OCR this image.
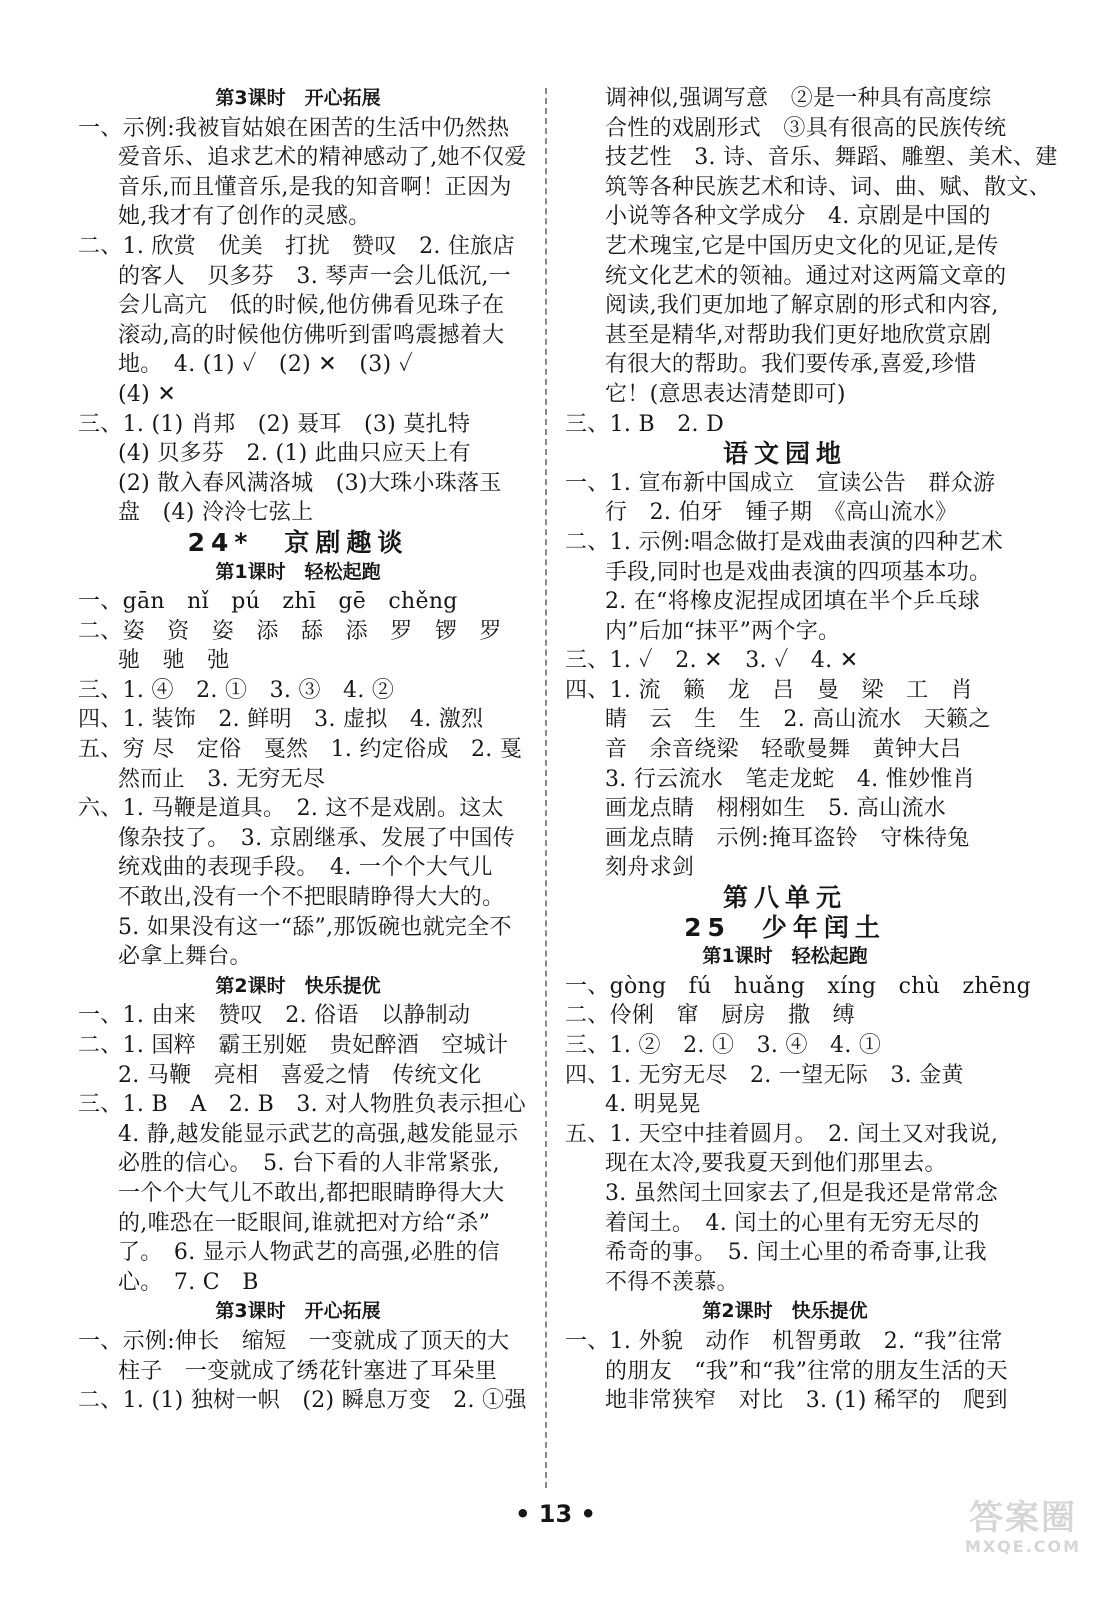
第3课时　开心拓展
一、示例:我被盲姑娘在困苦的生活中仍然热
爱音乐、追求艺术的精神感动了,她不仅爱
音乐,而且懂音乐,是我的知音啊！正因为
她,我才有了创作的灵感。
二、1. 欣赏　优美　打扰　赞叹　2. 住旅店
的客人　贝多芬　3. 琴声一会儿低沉,一
会儿高亢　低的时候,他仿佛看见珠子在
滚动,高的时候他仿佛听到雷鸣震撼着大
地。　4. (1) ✓　(2) ✕　(3) ✓
(4) ✕
三、1. (1) 肖邦　(2) 聂耳　(3) 莫扎特
(4) 贝多芬　2. (1) 此曲只应天上有
(2) 散入春风满洛城　(3)大珠小珠落玉
盘　(4) 泠泠七弦上
24*　京剧趣谈
第1课时　轻松起跑
一、gān　nǐ　pú　zhī　gē　chěng
二、姿　资　姿　添　舔　添　罗　锣　罗
驰　驰　弛
三、1. ④　2. ①　3. ③　4. ②
四、1. 装饰　2. 鲜明　3. 虚拟　4. 激烈
五、穷 尽　定俗　戛然　1. 约定俗成　2. 戛
然而止　3. 无穷无尽
六、1. 马鞭是道具。　2. 这不是戏剧。这太
像杂技了。　3. 京剧继承、发展了中国传
统戏曲的表现手段。　4. 一个个大气儿
不敢出,没有一个不把眼睛睁得大大的。
5. 如果没有这一“舔”,那饭碗也就完全不
必拿上舞台。
第2课时　快乐提优
一、1. 由来　赞叹　2. 俗语　以静制动
二、1. 国粹　霸王别姬　贵妃醉酒　空城计
2. 马鞭　亮相　喜爱之情　传统文化
三、1. B　A　2. B　3. 对人物胜负表示担心
4. 静,越发能显示武艺的高强,越发能显示
必胜的信心。　5. 台下看的人非常紧张,
一个个大气儿不敢出,都把眼睛睁得大大
的,唯恐在一眨眼间,谁就把对方给“杀”
了。　6. 显示人物武艺的高强,必胜的信
心。　7. C　B
第3课时　开心拓展
一、示例:伸长　缩短　一变就成了顶天的大
柱子　一变就成了绣花针塞进了耳朵里
二、1. (1) 独树一帜　(2) 瞬息万变　2. ①强
调神似,强调写意　②是一种具有高度综
合性的戏剧形式　③具有很高的民族传统
技艺性　3. 诗、音乐、舞蹈、雕塑、美术、建
筑等各种民族艺术和诗、词、曲、赋、散文、
小说等各种文学成分　4. 京剧是中国的
艺术瑰宝,它是中国历史文化的见证,是传
统文化艺术的领袖。通过对这两篇文章的
阅读,我们更加地了解京剧的形式和内容,
甚至是精华,对帮助我们更好地欣赏京剧
有很大的帮助。我们要传承,喜爱,珍惜
它！(意思表达清楚即可)
三、1. B　2. D
语文园地
一、1. 宣布新中国成立　宣读公告　群众游
行　2. 伯牙　锺子期　《高山流水》
二、1. 示例:唱念做打是戏曲表演的四种艺术
手段,同时也是戏曲表演的四项基本功。
2. 在“将橡皮泥捏成团填在半个乒乓球
内”后加“抹平”两个字。
三、1. ✓　2. ✕　3. ✓　4. ✕
四、1. 流　籁　龙　吕　曼　梁　工　肖
睛　云　生　生　2. 高山流水　天籁之
音　余音绕梁　轻歌曼舞　黄钟大吕
3. 行云流水　笔走龙蛇　4. 惟妙惟肖
画龙点睛　栩栩如生　5. 高山流水
画龙点睛　示例:掩耳盗铃　守株待兔
刻舟求剑
第八单元
25　少年闰土
第1课时　轻松起跑
一、gòng　fú　huǎng　xíng　chù　zhēng
二、伶俐　窜　厨房　撒　缚
三、1. ②　2. ①　3. ④　4. ①
四、1. 无穷无尽　2. 一望无际　3. 金黄
4. 明晃晃
五、1. 天空中挂着圆月。　2. 闰土又对我说,
现在太冷,要我夏天到他们那里去。
3. 虽然闰土回家去了,但是我还是常常念
着闰土。　4. 闰土的心里有无穷无尽的
希奇的事。　5. 闰土心里的希奇事,让我
不得不羡慕。
第2课时　快乐提优
一、1. 外貌　动作　机智勇敢　2. “我”往常
的朋友　“我”和“我”往常的朋友生活的天
地非常狭窄　对比　3. (1) 稀罕的　爬到
• 13 •	答案圈
MXQE.COM
